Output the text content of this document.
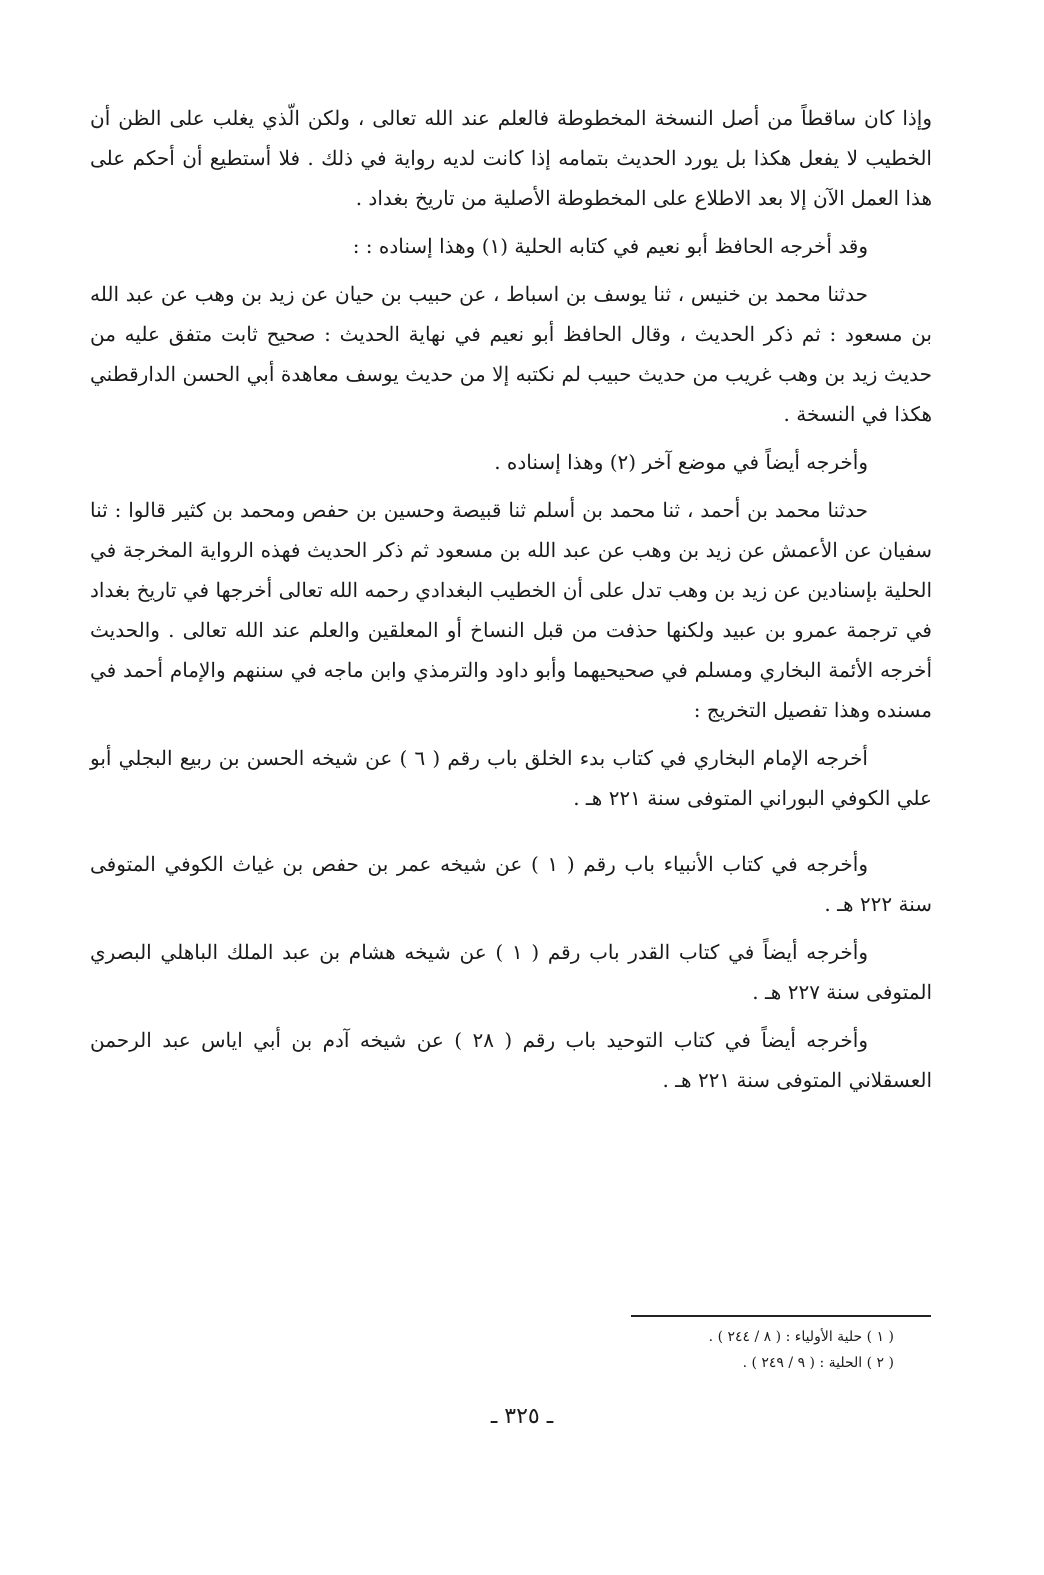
وإذا كان ساقطاً من أصل النسخة المخطوطة فالعلم عند الله تعالى ، ولكن الّذي يغلب على الظن أن الخطيب لا يفعل هكذا بل يورد الحديث بتمامه إذا كانت لديه رواية في ذلك . فلا أستطيع أن أحكم على هذا العمل الآن إلا بعد الاطلاع على المخطوطة الأصلية من تاريخ بغداد .

وقد أخرجه الحافظ أبو نعيم في كتابه الحلية (١) وهذا إسناده : :

حدثنا محمد بن خنيس ، ثنا يوسف بن اسباط ، عن حبيب بن حيان عن زيد بن وهب عن عبد الله بن مسعود : ثم ذكر الحديث ، وقال الحافظ أبو نعيم في نهاية الحديث : صحيح ثابت متفق عليه من حديث زيد بن وهب غريب من حديث حبيب لم نكتبه إلا من حديث يوسف معاهدة أبي الحسن الدارقطني هكذا في النسخة .

وأخرجه أيضاً في موضع آخر (٢) وهذا إسناده .

حدثنا محمد بن أحمد ، ثنا محمد بن أسلم ثنا قبيصة وحسين بن حفص ومحمد بن كثير قالوا : ثنا سفيان عن الأعمش عن زيد بن وهب عن عبد الله بن مسعود ثم ذكر الحديث فهذه الرواية المخرجة في الحلية بإسنادين عن زيد بن وهب تدل على أن الخطيب البغدادي رحمه الله تعالى أخرجها في تاريخ بغداد في ترجمة عمرو بن عبيد ولكنها حذفت من قبل النساخ أو المعلقين والعلم عند الله تعالى . والحديث أخرجه الأئمة البخاري ومسلم في صحيحيهما وأبو داود والترمذي وابن ماجه في سننهم والإمام أحمد في مسنده وهذا تفصيل التخريج :

أخرجه الإمام البخاري في كتاب بدء الخلق باب رقم ( ٦ ) عن شيخه الحسن بن ربيع البجلي أبو علي الكوفي البوراني المتوفى سنة ٢٢١ هـ .

وأخرجه في كتاب الأنبياء باب رقم ( ١ ) عن شيخه عمر بن حفص بن غياث الكوفي المتوفى سنة ٢٢٢ هـ .

وأخرجه أيضاً في كتاب القدر باب رقم ( ١ ) عن شيخه هشام بن عبد الملك الباهلي البصري المتوفى سنة ٢٢٧ هـ .

وأخرجه أيضاً في كتاب التوحيد باب رقم ( ٢٨ ) عن شيخه آدم بن أبي اياس عبد الرحمن العسقلاني المتوفى سنة ٢٢١ هـ .

( ١ ) حلية الأولياء : ( ٨ / ٢٤٤ ) .
( ٢ ) الحلية : ( ٩ / ٢٤٩ ) .
ـ ٣٢٥ ـ
